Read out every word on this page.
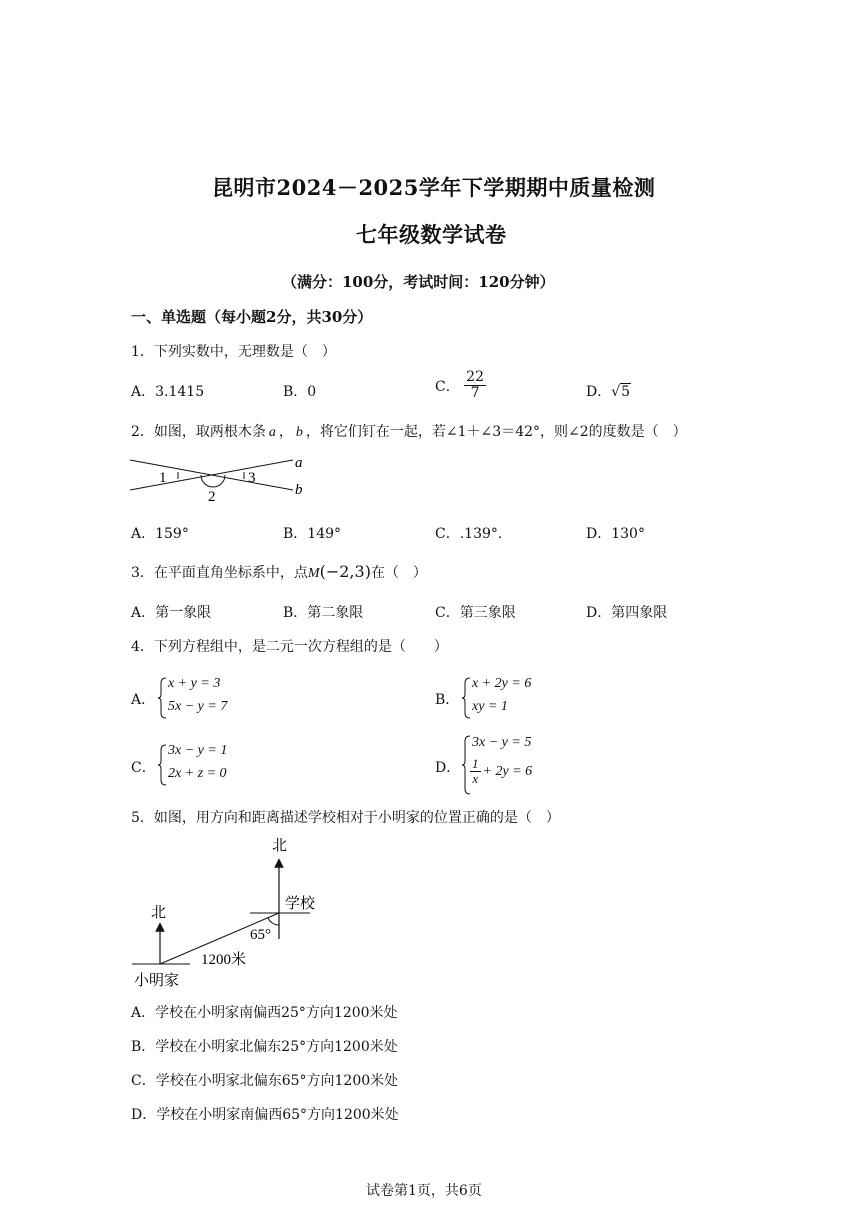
昆明市2024－2025学年下学期期中质量检测
七年级数学试卷
（满分：100分，考试时间：120分钟）
一、单选题（每小题2分，共30分）
1．下列实数中，无理数是（　）
A．3.1415	B．0	C． $\frac{22}{7}$	D．√5
2．如图，取两根木条 a ， b ，将它们钉在一起，若∠1＋∠3＝42°，则∠2的度数是（　）
1
2
3
a
b
A．159°	B．149°	C．.139°.	D．130°
3．在平面直角坐标系中，点M(−2,3)在（　）
A．第一象限	B．第二象限	C．第三象限	D．第四象限
4．下列方程组中，是二元一次方程组的是（　　）
A．
x + y = 3
5x − y = 7	B．
x + 2y = 6
xy = 1
C．
3x − y = 1
2x + z = 0	D．
3x − y = 5
$\frac{1}{x} + 2y = 6$
5．如图，用方向和距离描述学校相对于小明家的位置正确的是（　）
北
学校
北
65°
1200米
小明家
A．学校在小明家南偏西25°方向1200米处
B．学校在小明家北偏东25°方向1200米处
C．学校在小明家北偏东65°方向1200米处
D．学校在小明家南偏西65°方向1200米处
试卷第1页，共6页
